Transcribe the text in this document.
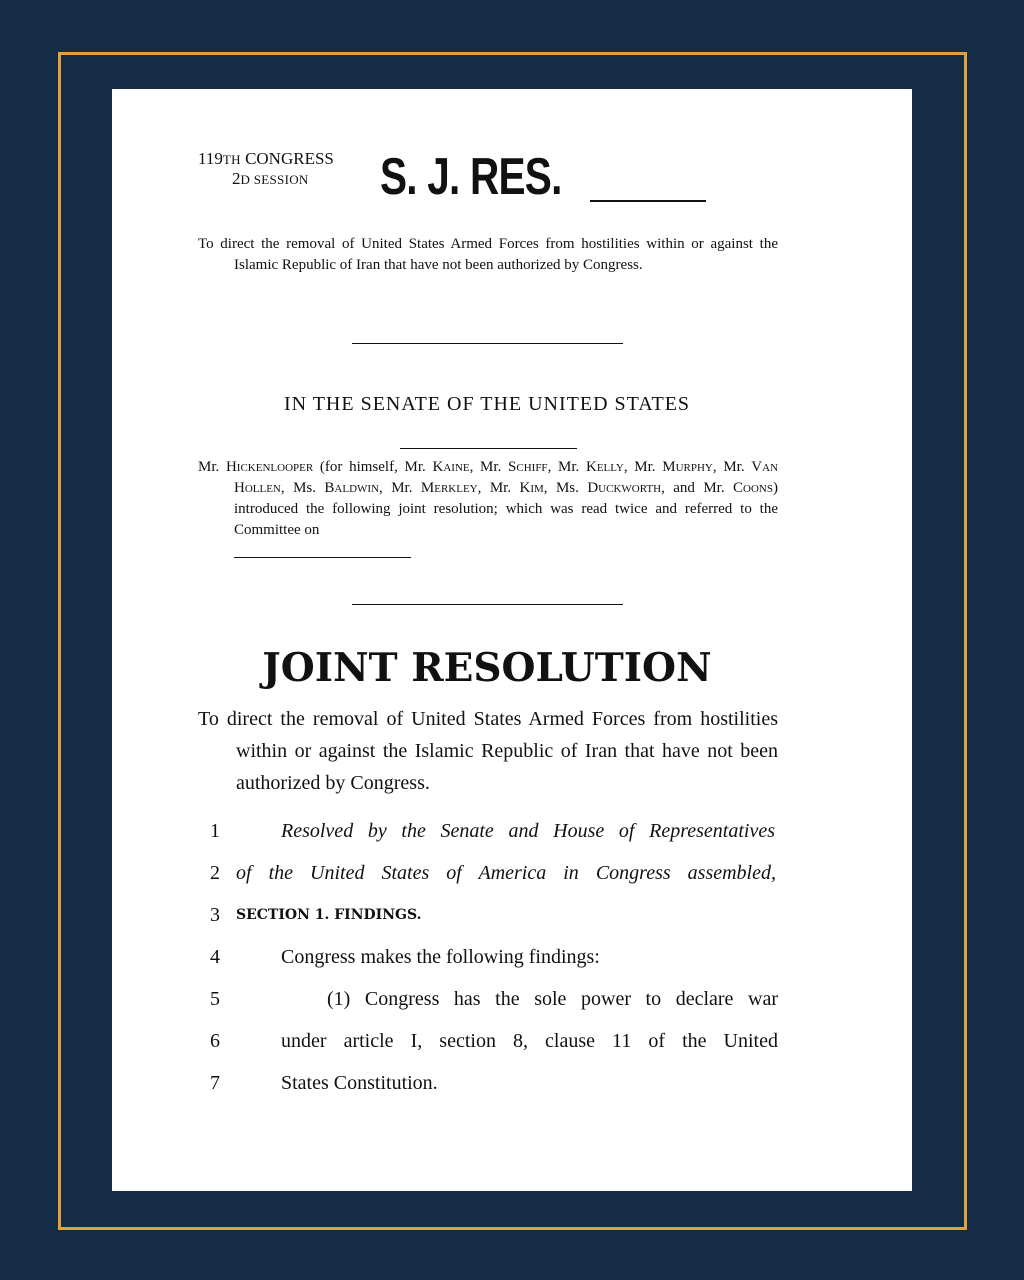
119TH CONGRESS
2D SESSION S. J. RES.
To direct the removal of United States Armed Forces from hostilities within or against the Islamic Republic of Iran that have not been authorized by Congress.
IN THE SENATE OF THE UNITED STATES
Mr. Hickenlooper (for himself, Mr. Kaine, Mr. Schiff, Mr. Kelly, Mr. Murphy, Mr. Van Hollen, Ms. Baldwin, Mr. Merkley, Mr. Kim, Ms. Duckworth, and Mr. Coons) introduced the following joint resolution; which was read twice and referred to the Committee on
JOINT RESOLUTION
To direct the removal of United States Armed Forces from hostilities within or against the Islamic Republic of Iran that have not been authorized by Congress.
1	Resolved by the Senate and House of Representatives
2 of the United States of America in Congress assembled,
3 SECTION 1. FINDINGS.
4	Congress makes the following findings:
5	(1) Congress has the sole power to declare war
6	under article I, section 8, clause 11 of the United
7	States Constitution.
